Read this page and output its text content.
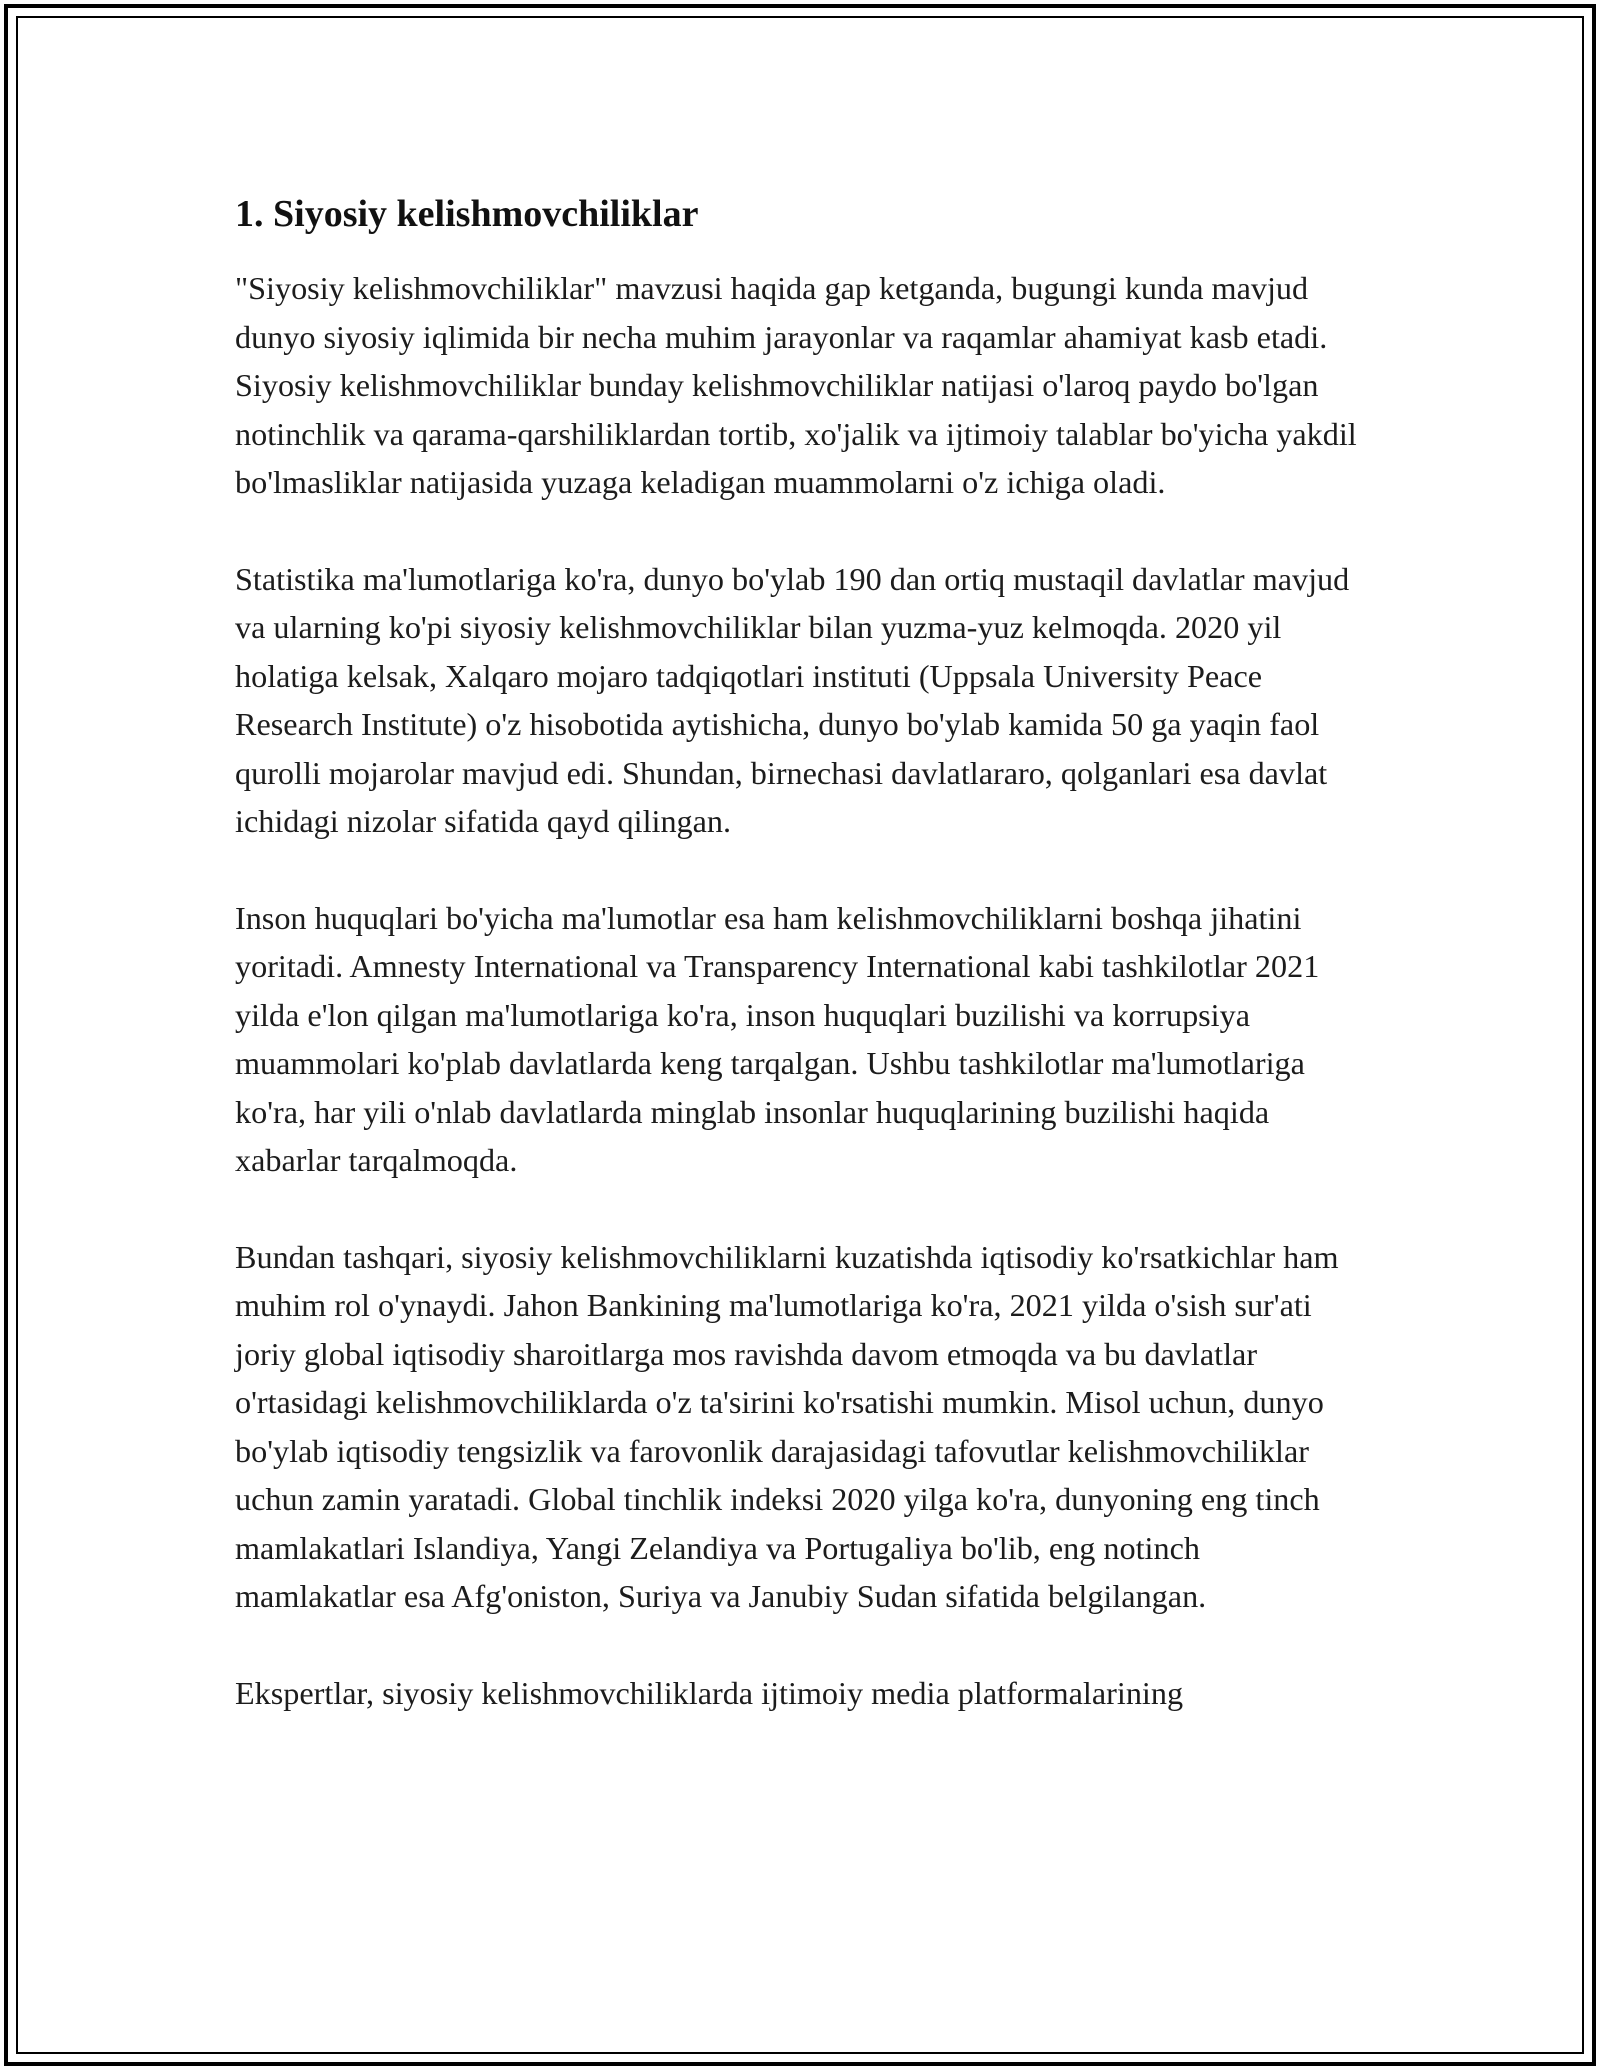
1. Siyosiy kelishmovchiliklar

"Siyosiy kelishmovchiliklar" mavzusi haqida gap ketganda, bugungi kunda mavjud dunyo siyosiy iqlimida bir necha muhim jarayonlar va raqamlar ahamiyat kasb etadi. Siyosiy kelishmovchiliklar bunday kelishmovchiliklar natijasi o'laroq paydo bo'lgan notinchlik va qarama-qarshiliklardan tortib, xo'jalik va ijtimoiy talablar bo'yicha yakdil bo'lmasliklar natijasida yuzaga keladigan muammolarni o'z ichiga oladi.

Statistika ma'lumotlariga ko'ra, dunyo bo'ylab 190 dan ortiq mustaqil davlatlar mavjud va ularning ko'pi siyosiy kelishmovchiliklar bilan yuzma-yuz kelmoqda. 2020 yil holatiga kelsak, Xalqaro mojaro tadqiqotlari instituti (Uppsala University Peace Research Institute) o'z hisobotida aytishicha, dunyo bo'ylab kamida 50 ga yaqin faol qurolli mojarolar mavjud edi. Shundan, birnechasi davlatlararo, qolganlari esa davlat ichidagi nizolar sifatida qayd qilingan.

Inson huquqlari bo'yicha ma'lumotlar esa ham kelishmovchiliklarni boshqa jihatini yoritadi. Amnesty International va Transparency International kabi tashkilotlar 2021 yilda e'lon qilgan ma'lumotlariga ko'ra, inson huquqlari buzilishi va korrupsiya muammolari ko'plab davlatlarda keng tarqalgan. Ushbu tashkilotlar ma'lumotlariga ko'ra, har yili o'nlab davlatlarda minglab insonlar huquqlarining buzilishi haqida xabarlar tarqalmoqda.

Bundan tashqari, siyosiy kelishmovchiliklarni kuzatishda iqtisodiy ko'rsatkichlar ham muhim rol o'ynaydi. Jahon Bankining ma'lumotlariga ko'ra, 2021 yilda o'sish sur'ati joriy global iqtisodiy sharoitlarga mos ravishda davom etmoqda va bu davlatlar o'rtasidagi kelishmovchiliklarda o'z ta'sirini ko'rsatishi mumkin. Misol uchun, dunyo bo'ylab iqtisodiy tengsizlik va farovonlik darajasidagi tafovutlar kelishmovchiliklar uchun zamin yaratadi. Global tinchlik indeksi 2020 yilga ko'ra, dunyoning eng tinch mamlakatlari Islandiya, Yangi Zelandiya va Portugaliya bo'lib, eng notinch mamlakatlar esa Afg'oniston, Suriya va Janubiy Sudan sifatida belgilangan.

Ekspertlar, siyosiy kelishmovchiliklarda ijtimoiy media platformalarining
